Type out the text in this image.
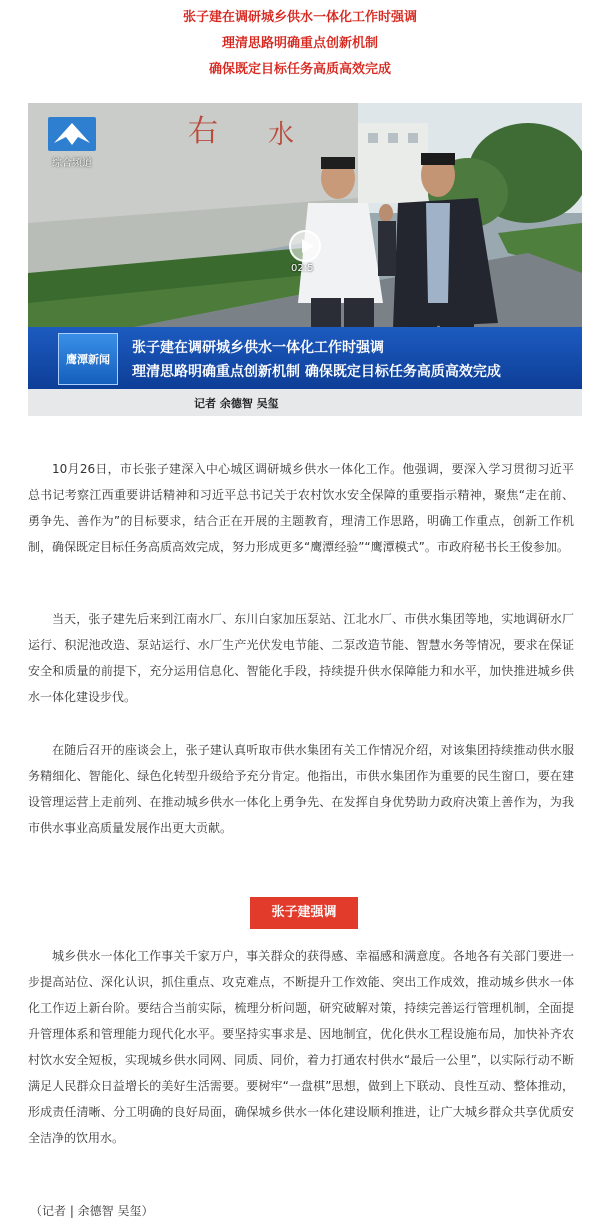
张子建在调研城乡供水一体化工作时强调
理清思路明确重点创新机制
确保既定目标任务高质高效完成
右 水
综合频道
02:5
鹰潭新闻
张子建在调研城乡供水一体化工作时强调
理清思路明确重点创新机制 确保既定目标任务高质高效完成
记者 余德智 吴玺

10月26日，市长张子建深入中心城区调研城乡供水一体化工作。他强调，要深入学习贯彻习近平总书记考察江西重要讲话精神和习近平总书记关于农村饮水安全保障的重要指示精神，聚焦“走在前、勇争先、善作为”的目标要求，结合正在开展的主题教育，理清工作思路，明确工作重点，创新工作机制，确保既定目标任务高质高效完成，努力形成更多“鹰潭经验”“鹰潭模式”。市政府秘书长王俊参加。

当天，张子建先后来到江南水厂、东川白家加压泵站、江北水厂、市供水集团等地，实地调研水厂运行、积泥池改造、泵站运行、水厂生产光伏发电节能、二泵改造节能、智慧水务等情况，要求在保证安全和质量的前提下，充分运用信息化、智能化手段，持续提升供水保障能力和水平，加快推进城乡供水一体化建设步伐。

在随后召开的座谈会上，张子建认真听取市供水集团有关工作情况介绍，对该集团持续推动供水服务精细化、智能化、绿色化转型升级给予充分肯定。他指出，市供水集团作为重要的民生窗口，要在建设管理运营上走前列、在推动城乡供水一体化上勇争先、在发挥自身优势助力政府决策上善作为，为我市供水事业高质量发展作出更大贡献。

张子建强调

城乡供水一体化工作事关千家万户，事关群众的获得感、幸福感和满意度。各地各有关部门要进一步提高站位、深化认识，抓住重点、攻克难点，不断提升工作效能、突出工作成效，推动城乡供水一体化工作迈上新台阶。要结合当前实际，梳理分析问题，研究破解对策，持续完善运行管理机制，全面提升管理体系和管理能力现代化水平。要坚持实事求是、因地制宜，优化供水工程设施布局，加快补齐农村饮水安全短板，实现城乡供水同网、同质、同价，着力打通农村供水“最后一公里”，以实际行动不断满足人民群众日益增长的美好生活需要。要树牢“一盘棋”思想，做到上下联动、良性互动、整体推动，形成责任清晰、分工明确的良好局面，确保城乡供水一体化建设顺利推进，让广大城乡群众共享优质安全洁净的饮用水。

（记者 | 余德智 吴玺）
